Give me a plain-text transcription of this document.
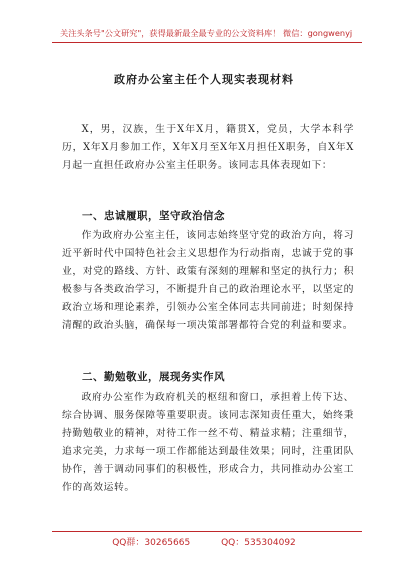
关注头条号"公文研究"，获得最新最全最专业的公文资料库！ 微信：gongwenyj
政府办公室主任个人现实表现材料

X，男，汉族，生于X年X月，籍贯X，党员，大学本科学历，X年X月参加工作，X年X月至X年X月担任X职务，自X年X月起一直担任政府办公室主任职务。该同志具体表现如下：

一、忠诚履职，坚守政治信念

作为政府办公室主任，该同志始终坚守党的政治方向，将习近平新时代中国特色社会主义思想作为行动指南，忠诚于党的事业，对党的路线、方针、政策有深刻的理解和坚定的执行力；积极参与各类政治学习，不断提升自己的政治理论水平，以坚定的政治立场和理论素养，引领办公室全体同志共同前进；时刻保持清醒的政治头脑，确保每一项决策部署都符合党的利益和要求。

二、勤勉敬业，展现务实作风

政府办公室作为政府机关的枢纽和窗口，承担着上传下达、综合协调、服务保障等重要职责。该同志深知责任重大，始终秉持勤勉敬业的精神，对待工作一丝不苟、精益求精；注重细节，追求完美，力求每一项工作都能达到最佳效果；同时，注重团队协作，善于调动同事们的积极性，形成合力，共同推动办公室工作的高效运转。

QQ群：30265665	QQ：535304092
